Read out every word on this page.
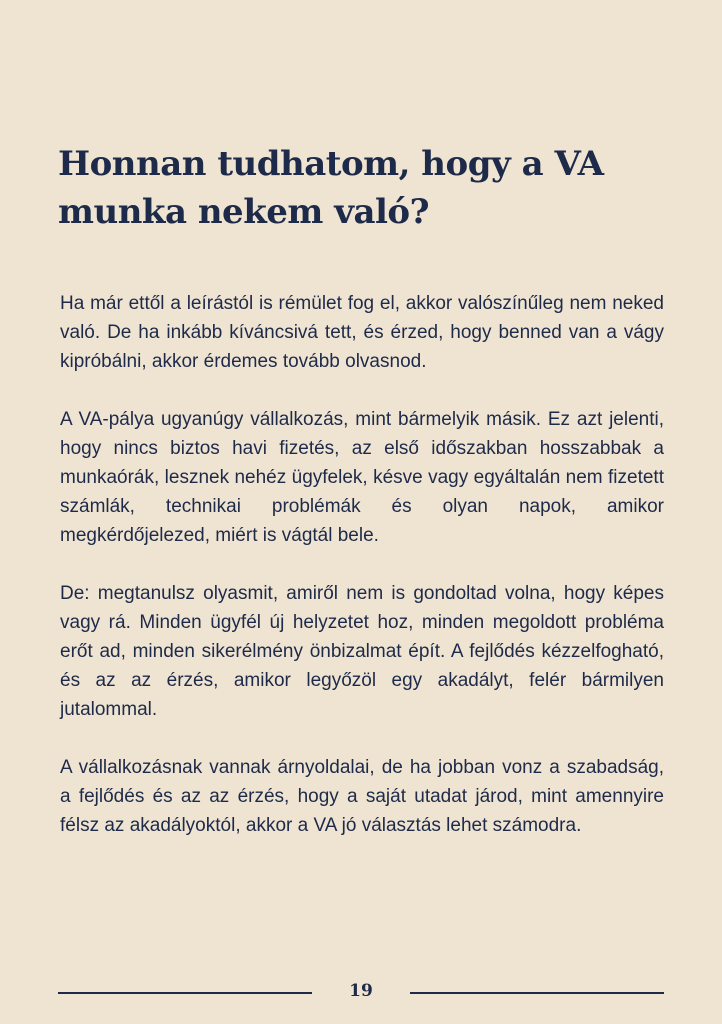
Honnan tudhatom, hogy a VA munka nekem való?

Ha már ettől a leírástól is rémület fog el, akkor valószínűleg nem neked való. De ha inkább kíváncsivá tett, és érzed, hogy benned van a vágy kipróbálni, akkor érdemes tovább olvasnod.

A VA-pálya ugyanúgy vállalkozás, mint bármelyik másik. Ez azt jelenti, hogy nincs biztos havi fizetés, az első időszakban hosszabbak a munkaórák, lesznek nehéz ügyfelek, késve vagy egyáltalán nem fizetett számlák, technikai problémák és olyan napok, amikor megkérdőjelezed, miért is vágtál bele.

De: megtanulsz olyasmit, amiről nem is gondoltad volna, hogy képes vagy rá. Minden ügyfél új helyzetet hoz, minden megoldott probléma erőt ad, minden sikerélmény önbizalmat épít. A fejlődés kézzelfogható, és az az érzés, amikor legyőzöl egy akadályt, felér bármilyen jutalommal.

A vállalkozásnak vannak árnyoldalai, de ha jobban vonz a szabadság, a fejlődés és az az érzés, hogy a saját utadat járod, mint amennyire félsz az akadályoktól, akkor a VA jó választás lehet számodra.

19
